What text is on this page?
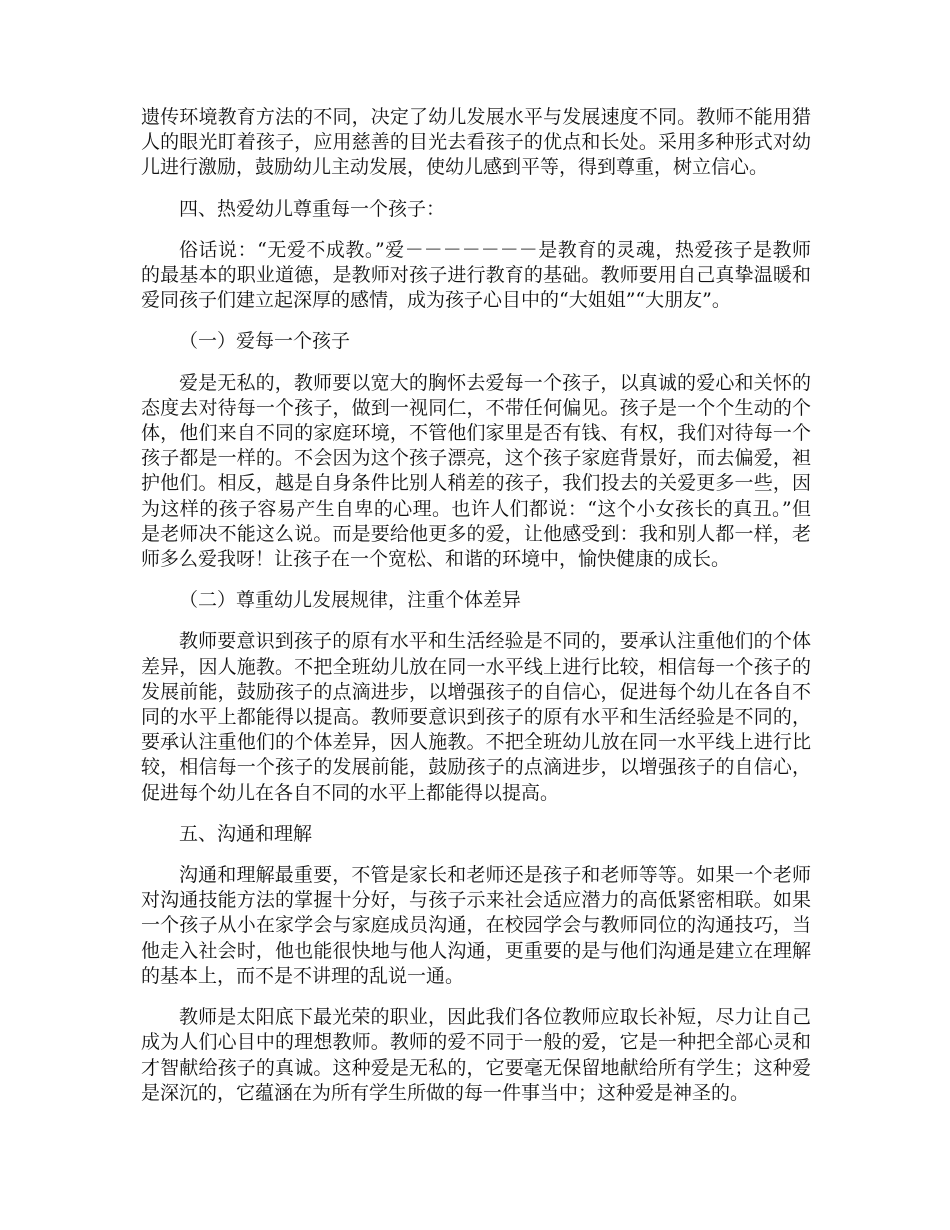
遗传环境教育方法的不同，决定了幼儿发展水平与发展速度不同。教师不能用猎人的眼光盯着孩子，应用慈善的目光去看孩子的优点和长处。采用多种形式对幼儿进行激励，鼓励幼儿主动发展，使幼儿感到平等，得到尊重，树立信心。

四、热爱幼儿尊重每一个孩子：

俗话说：“无爱不成教。”爱－－－－－－－是教育的灵魂，热爱孩子是教师的最基本的职业道德，是教师对孩子进行教育的基础。教师要用自己真挚温暖和爱同孩子们建立起深厚的感情，成为孩子心目中的“大姐姐”“大朋友”。

（一）爱每一个孩子

爱是无私的，教师要以宽大的胸怀去爱每一个孩子，以真诚的爱心和关怀的态度去对待每一个孩子，做到一视同仁，不带任何偏见。孩子是一个个生动的个体，他们来自不同的家庭环境，不管他们家里是否有钱、有权，我们对待每一个孩子都是一样的。不会因为这个孩子漂亮，这个孩子家庭背景好，而去偏爱，袒护他们。相反，越是自身条件比别人稍差的孩子，我们投去的关爱更多一些，因为这样的孩子容易产生自卑的心理。也许人们都说：“这个小女孩长的真丑。”但是老师决不能这么说。而是要给他更多的爱，让他感受到：我和别人都一样，老师多么爱我呀！让孩子在一个宽松、和谐的环境中，愉快健康的成长。

（二）尊重幼儿发展规律，注重个体差异

教师要意识到孩子的原有水平和生活经验是不同的，要承认注重他们的个体差异，因人施教。不把全班幼儿放在同一水平线上进行比较，相信每一个孩子的发展前能，鼓励孩子的点滴进步，以增强孩子的自信心，促进每个幼儿在各自不同的水平上都能得以提高。教师要意识到孩子的原有水平和生活经验是不同的，要承认注重他们的个体差异，因人施教。不把全班幼儿放在同一水平线上进行比较，相信每一个孩子的发展前能，鼓励孩子的点滴进步，以增强孩子的自信心，促进每个幼儿在各自不同的水平上都能得以提高。

五、沟通和理解

沟通和理解最重要，不管是家长和老师还是孩子和老师等等。如果一个老师对沟通技能方法的掌握十分好，与孩子示来社会适应潜力的高低紧密相联。如果一个孩子从小在家学会与家庭成员沟通，在校园学会与教师同位的沟通技巧，当他走入社会时，他也能很快地与他人沟通，更重要的是与他们沟通是建立在理解的基本上，而不是不讲理的乱说一通。

教师是太阳底下最光荣的职业，因此我们各位教师应取长补短，尽力让自己成为人们心目中的理想教师。教师的爱不同于一般的爱，它是一种把全部心灵和才智献给孩子的真诚。这种爱是无私的，它要毫无保留地献给所有学生；这种爱是深沉的，它蕴涵在为所有学生所做的每一件事当中；这种爱是神圣的。
